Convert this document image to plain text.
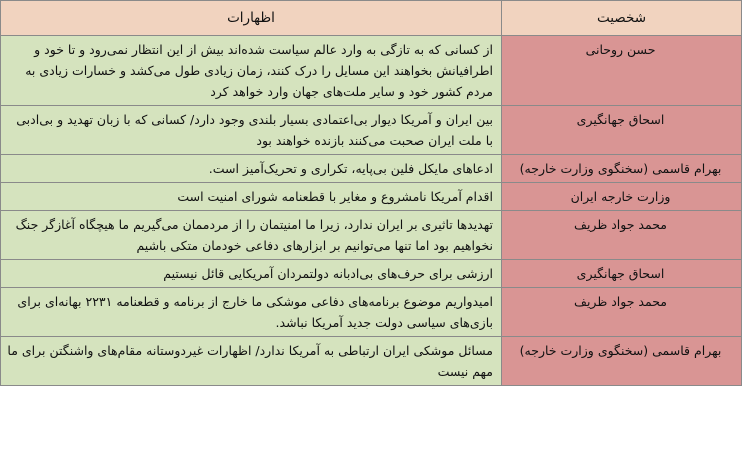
شخصیت	اظهارات
حسن روحانی	از کسانی که به تازگی به وارد عالم سیاست شده‌اند بیش از این انتظار نمی‌رود و تا خود و اطرافیانش بخواهند این مسایل را درک کنند، زمان زیادی طول می‌کشد و خسارات زیادی به مردم کشور خود و سایر ملت‌های جهان وارد خواهد کرد
اسحاق جهانگیری	بین ایران و آمریکا دیوار بی‌اعتمادی بسیار بلندی وجود دارد/ کسانی که با زبان تهدید و بی‌ادبی با ملت ایران صحبت می‌کنند بازنده خواهند بود
بهرام قاسمی (سخنگوی وزارت خارجه)	ادعاهای مایکل فلین بی‌پایه، تکراری و تحریک‌آمیز است.
وزارت خارجه ایران	اقدام آمریکا نامشروع و مغایر با قطعنامه شورای امنیت است
محمد جواد ظریف	تهدیدها تاثیری بر ایران ندارد، زیرا ما امنیتمان را از مردممان می‌گیریم ما هیچگاه آغازگر جنگ نخواهیم بود اما تنها می‌توانیم بر ابزارهای دفاعی خودمان متکی باشیم
اسحاق جهانگیری	ارزشی برای حرف‌های بی‌ادبانه دولتمردان آمریکایی قائل نیستیم
محمد جواد ظریف	امیدواریم موضوع برنامه‌های دفاعی موشکی ما خارج از برنامه و قطعنامه ۲۲۳۱ بهانه‌ای برای بازی‌های سیاسی دولت جدید آمریکا نباشد.
بهرام قاسمی (سخنگوی وزارت خارجه)	مسائل موشکی ایران ارتباطی به آمریکا ندارد/ اظهارات غیردوستانه مقام‌های واشنگتن برای ما مهم نیست
